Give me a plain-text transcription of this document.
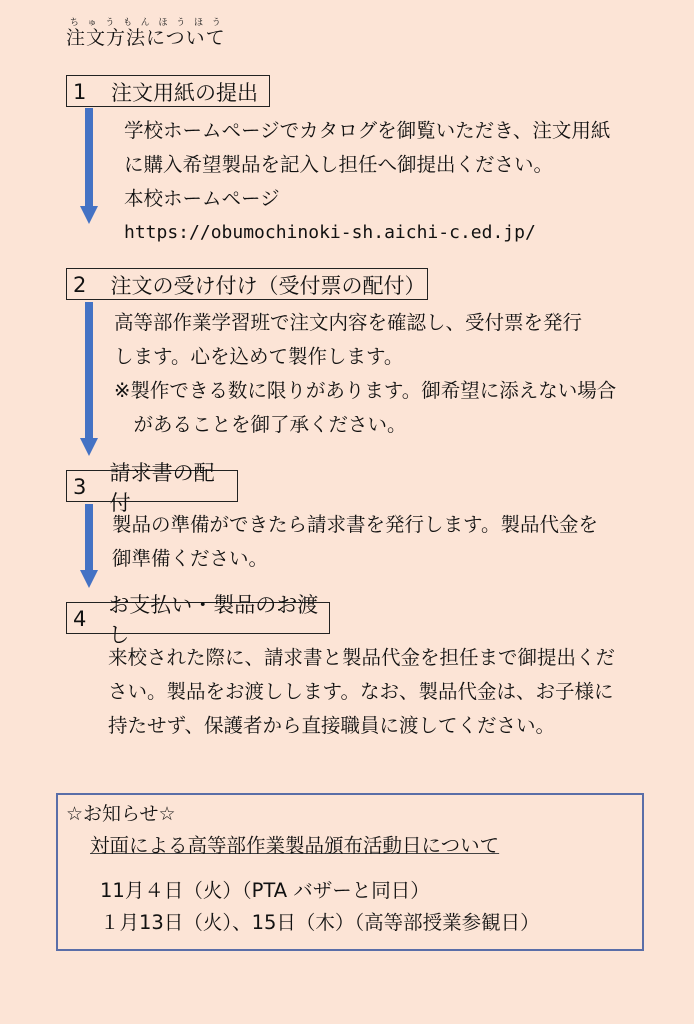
注文方法についてちゅうもんほうほう
1	注文用紙の提出
学校ホームページでカタログを御覧いただき、注文用紙
に購入希望製品を記入し担任へ御提出ください。
本校ホームページ
https://obumochinoki-sh.aichi-c.ed.jp/
2	注文の受け付け（受付票の配付）
高等部作業学習班で注文内容を確認し、受付票を発行
します。心を込めて製作します。
※製作できる数に限りがあります。御希望に添えない場合
　があることを御了承ください。
3
請求書の配付
製品の準備ができたら請求書を発行します。製品代金を
御準備ください。
4
お支払い・製品のお渡し
来校された際に、請求書と製品代金を担任まで御提出くだ
さい。製品をお渡しします。なお、製品代金は、お子様に
持たせず、保護者から直接職員に渡してください。
☆お知らせ☆
対面による高等部作業製品頒布活動日について
11月４日（火）（PTA バザーと同日）
１月13日（火）、15日（木）（高等部授業参観日）
